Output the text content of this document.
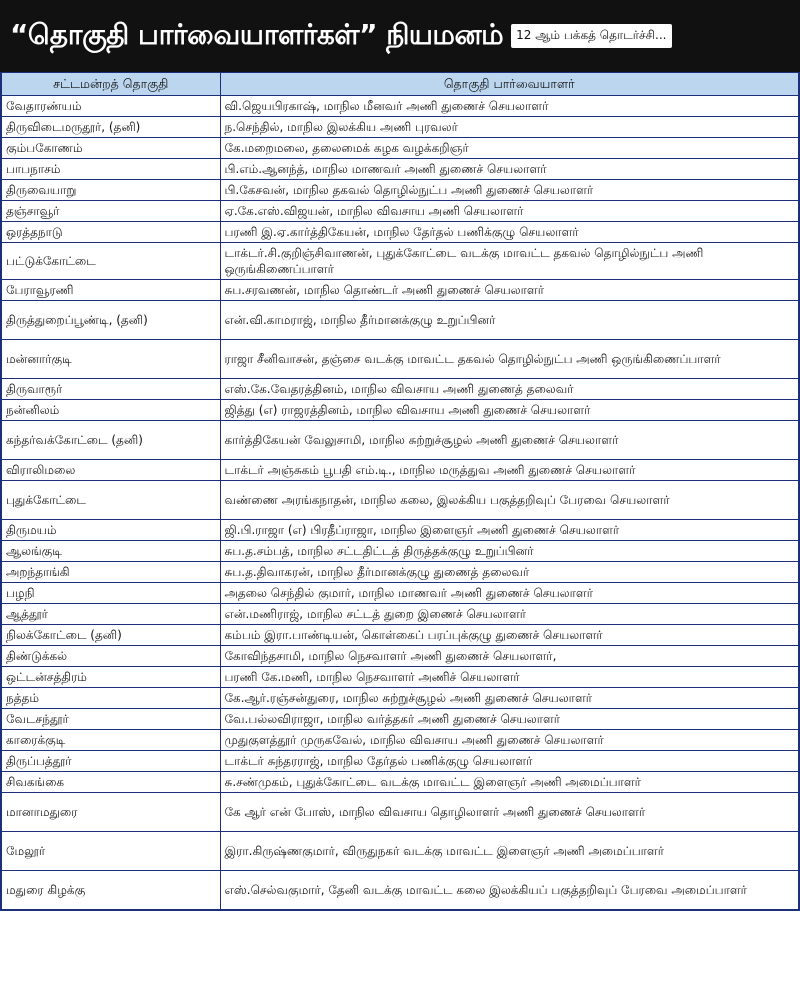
“தொகுதி பார்வையாளர்கள்” நியமனம்	12 ஆம் பக்கத் தொடர்ச்சி...
சட்டமன்றத் தொகுதி	தொகுதி பார்வையாளர்
வேதாரண்யம்	வி.ஜெயபிரகாஷ், மாநில மீனவர் அணி துணைச் செயலாளர்
திருவிடைமருதூர், (தனி)	ந.செந்தில், மாநில இலக்கிய அணி புரவலர்
கும்பகோணம்	கே.மறைமலை, தலைமைக் கழக வழக்கறிஞர்
பாபநாசம்	பி.எம்.ஆனந்த், மாநில மாணவர் அணி துணைச் செயலாளர்
திருவையாறு	பி.கேசவன், மாநில தகவல் தொழில்நுட்ப அணி துணைச் செயலாளர்
தஞ்சாவூர்	ஏ.கே.எஸ்.விஜயன், மாநில விவசாய அணி செயலாளர்
ஒரத்தநாடு	பரணி இ.ஏ.கார்த்திகேயன், மாநில தேர்தல் பணிக்குழு செயலாளர்
பட்டுக்கோட்டை	டாக்டர்.சி.குறிஞ்சிவாணன், புதுக்கோட்டை வடக்கு மாவட்ட தகவல் தொழில்நுட்ப அணி ஒருங்கிணைப்பாளர்
பேராவூரணி	சுப.சரவணன், மாநில தொண்டர் அணி துணைச் செயலாளர்
திருத்துறைப்பூண்டி, (தனி)	என்.வி.காமராஜ், மாநில தீர்மானக்குழு உறுப்பினர்
மன்னார்குடி	ராஜா சீனிவாசன், தஞ்சை வடக்கு மாவட்ட தகவல் தொழில்நுட்ப அணி ஒருங்கிணைப்பாளர்
திருவாரூர்	எஸ்.கே.வேதரத்தினம், மாநில விவசாய அணி துணைத் தலைவர்
நன்னிலம்	ஜித்து (எ) ராஜரத்தினம், மாநில விவசாய அணி துணைச் செயலாளர்
கந்தர்வக்கோட்டை (தனி)	கார்த்திகேயன் வேலுசாமி, மாநில சுற்றுச்சூழல் அணி துணைச் செயலாளர்
விராலிமலை	டாக்டர் அஞ்சுகம் பூபதி எம்.டி., மாநில மருத்துவ அணி துணைச் செயலாளர்
புதுக்கோட்டை	வண்ணை அரங்கநாதன், மாநில கலை, இலக்கிய பகுத்தறிவுப் பேரவை செயலாளர்
திருமயம்	ஜி.பி.ராஜா (எ) பிரதீப்ராஜா, மாநில இளைஞர் அணி துணைச் செயலாளர்
ஆலங்குடி	சுப.த.சம்பத், மாநில சட்டதிட்டத் திருத்தக்குழு உறுப்பினர்
அறந்தாங்கி	சுப.த.திவாகரன், மாநில தீர்மானக்குழு துணைத் தலைவர்
பழநி	அதலை செந்தில் குமார், மாநில மாணவர் அணி துணைச் செயலாளர்
ஆத்தூர்	என்.மணிராஜ், மாநில சட்டத் துறை இணைச் செயலாளர்
நிலக்கோட்டை (தனி)	கம்பம் இரா.பாண்டியன், கொள்கைப் பரப்புக்குழு துணைச் செயலாளர்
திண்டுக்கல்	கோவிந்தசாமி, மாநில நெசவாளர் அணி துணைச் செயலாளர்,
ஒட்டன்சத்திரம்	பரணி கே.மணி, மாநில நெசவாளர் அணிச் செயலாளர்
நத்தம்	கே.ஆர்.ரஞ்சன்துரை, மாநில சுற்றுச்சூழல் அணி துணைச் செயலாளர்
வேடசந்தூர்	வே.பல்லவிராஜா, மாநில வர்த்தகர் அணி துணைச் செயலாளர்
காரைக்குடி	முதுகுளத்தூர் முருகவேல், மாநில விவசாய அணி துணைச் செயலாளர்
திருப்பத்தூர்	டாக்டர் சுந்தரராஜ், மாநில தேர்தல் பணிக்குழு செயலாளர்
சிவகங்கை	சு.சண்முகம், புதுக்கோட்டை வடக்கு மாவட்ட இளைஞர் அணி அமைப்பாளர்
மானாமதுரை	கே ஆர் என் போஸ், மாநில விவசாய தொழிலாளர் அணி துணைச் செயலாளர்
மேலூர்	இரா.கிருஷ்ணகுமார், விருதுநகர் வடக்கு மாவட்ட இளைஞர் அணி அமைப்பாளர்
மதுரை கிழக்கு	எஸ்.செல்வகுமார், தேனி வடக்கு மாவட்ட கலை இலக்கியப் பகுத்தறிவுப் பேரவை அமைப்பாளர்
